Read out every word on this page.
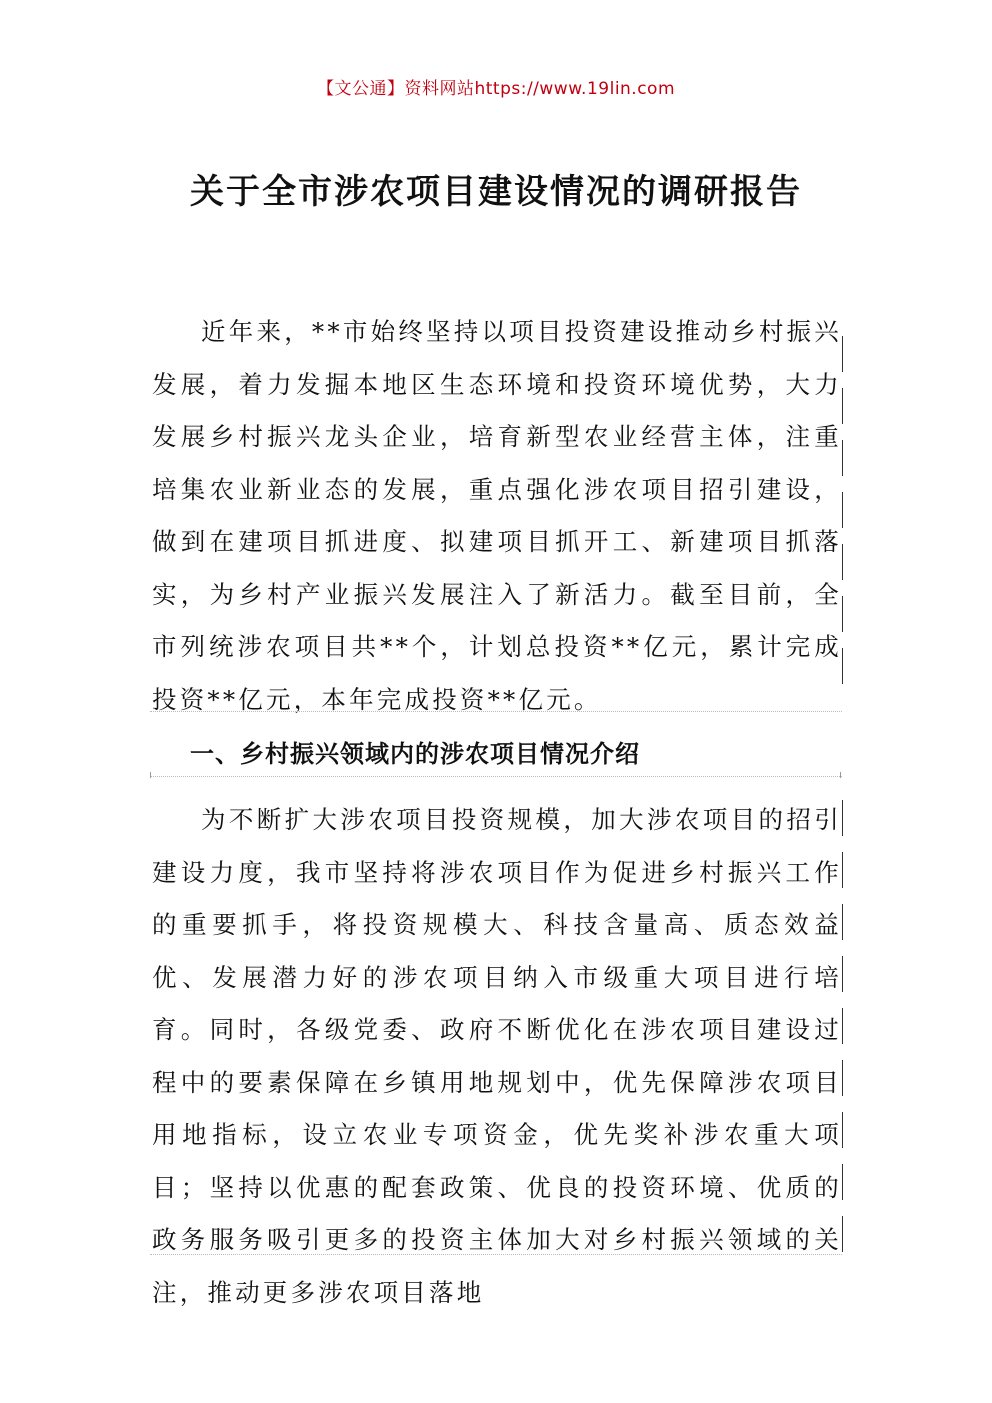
【文公通】资料网站https://www.19lin.com
关于全市涉农项目建设情况的调研报告
近年来，**市始终坚持以项目投资建设推动乡村振兴发展，着力发掘本地区生态环境和投资环境优势，大力发展乡村振兴龙头企业，培育新型农业经营主体，注重培集农业新业态的发展，重点强化涉农项目招引建设，做到在建项目抓进度、拟建项目抓开工、新建项目抓落实，为乡村产业振兴发展注入了新活力。截至目前，全市列统涉农项目共**个，计划总投资**亿元，累计完成投资**亿元，本年完成投资**亿元。
一、乡村振兴领域内的涉农项目情况介绍
为不断扩大涉农项目投资规模，加大涉农项目的招引建设力度，我市坚持将涉农项目作为促进乡村振兴工作的重要抓手，将投资规模大、科技含量高、质态效益优、发展潜力好的涉农项目纳入市级重大项目进行培育。同时，各级党委、政府不断优化在涉农项目建设过程中的要素保障在乡镇用地规划中，优先保障涉农项目用地指标，设立农业专项资金，优先奖补涉农重大项目；坚持以优惠的配套政策、优良的投资环境、优质的政务服务吸引更多的投资主体加大对乡村振兴领域的关注，推动更多涉农项目落地
